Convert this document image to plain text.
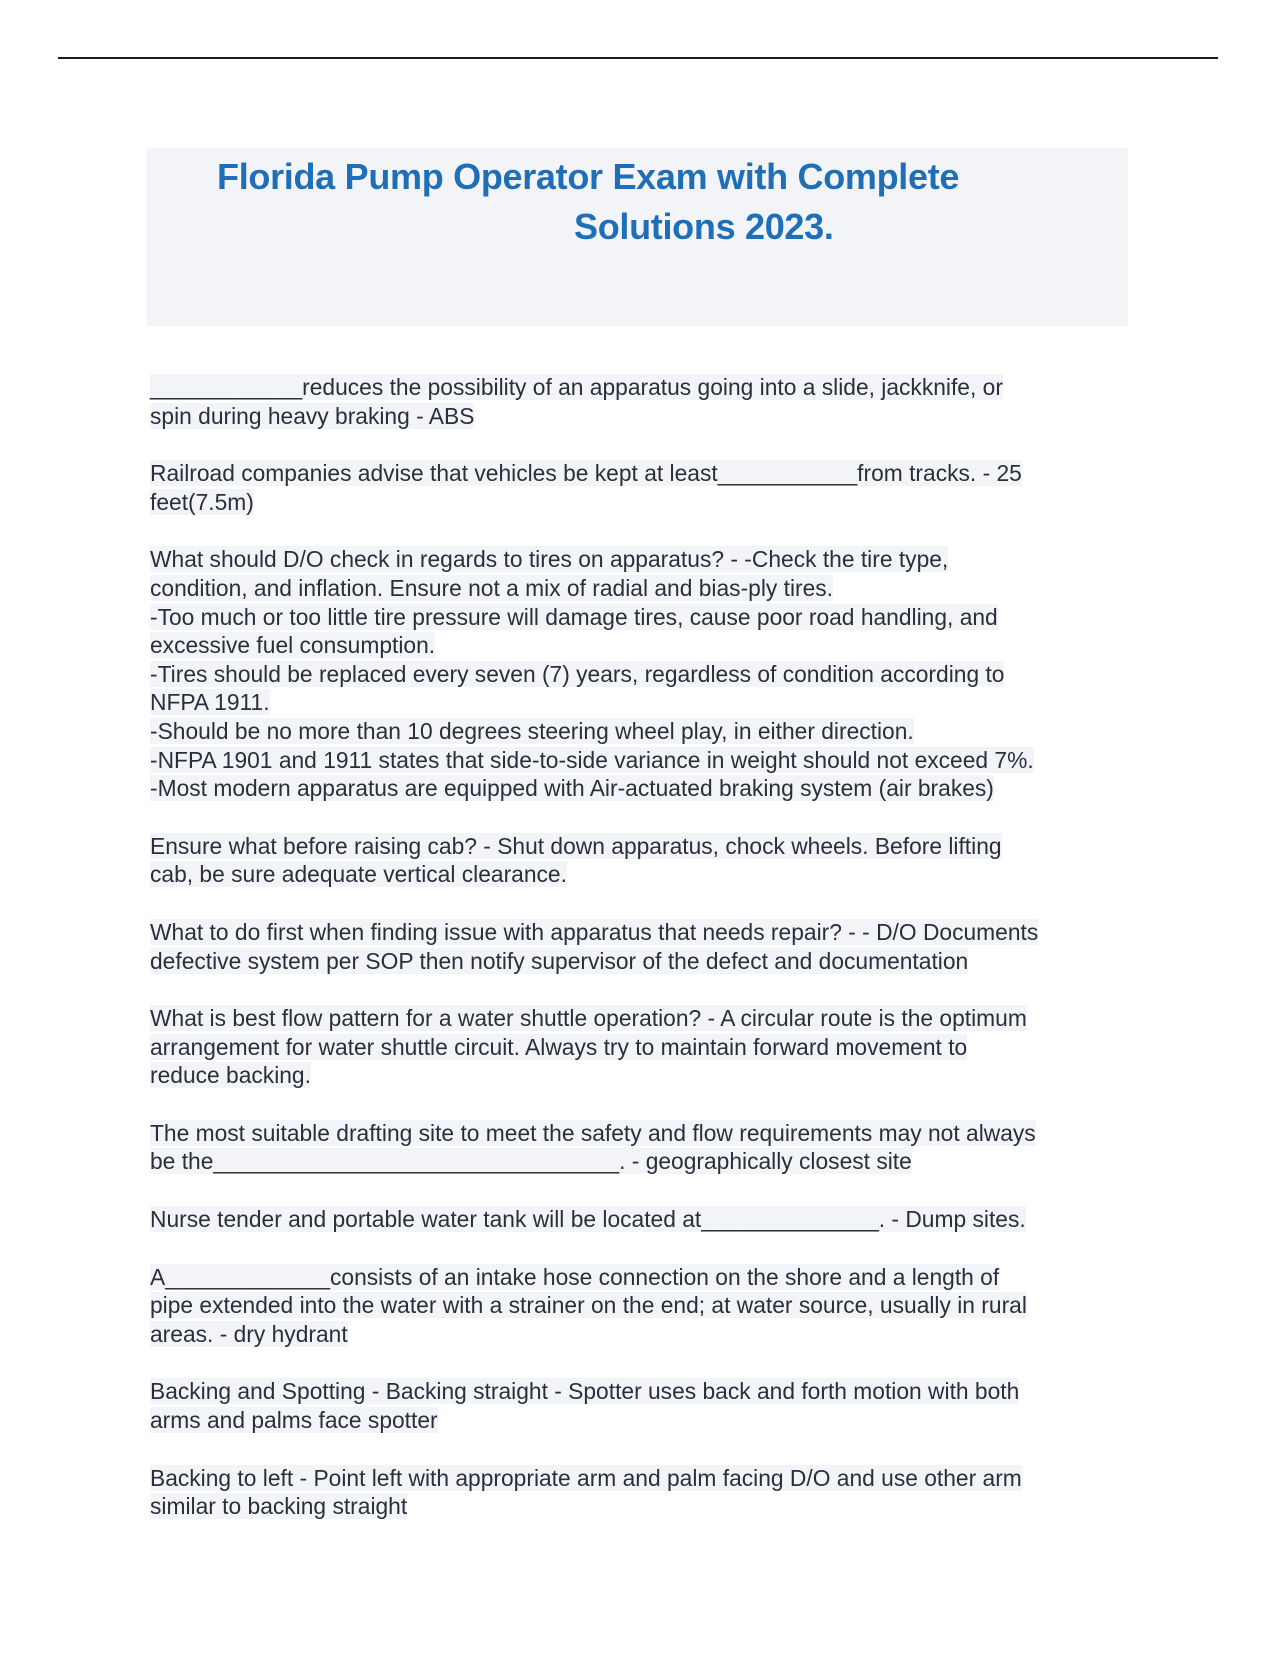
Florida Pump Operator Exam with Complete
Solutions 2023.
____________reduces the possibility of an apparatus going into a slide, jackknife, or
spin during heavy braking - ABS
Railroad companies advise that vehicles be kept at least___________from tracks. - 25
feet(7.5m)
What should D/O check in regards to tires on apparatus? - -Check the tire type,
condition, and inflation. Ensure not a mix of radial and bias-ply tires.
-Too much or too little tire pressure will damage tires, cause poor road handling, and
excessive fuel consumption.
-Tires should be replaced every seven (7) years, regardless of condition according to
NFPA 1911.
-Should be no more than 10 degrees steering wheel play, in either direction.
-NFPA 1901 and 1911 states that side-to-side variance in weight should not exceed 7%.
-Most modern apparatus are equipped with Air-actuated braking system (air brakes)
Ensure what before raising cab? - Shut down apparatus, chock wheels. Before lifting
cab, be sure adequate vertical clearance.
What to do first when finding issue with apparatus that needs repair? - - D/O Documents
defective system per SOP then notify supervisor of the defect and documentation
What is best flow pattern for a water shuttle operation? - A circular route is the optimum
arrangement for water shuttle circuit. Always try to maintain forward movement to
reduce backing.
The most suitable drafting site to meet the safety and flow requirements may not always
be the________________________________. - geographically closest site
Nurse tender and portable water tank will be located at______________. - Dump sites.
A_____________consists of an intake hose connection on the shore and a length of
pipe extended into the water with a strainer on the end; at water source, usually in rural
areas. - dry hydrant
Backing and Spotting - Backing straight - Spotter uses back and forth motion with both
arms and palms face spotter
Backing to left - Point left with appropriate arm and palm facing D/O and use other arm
similar to backing straight
